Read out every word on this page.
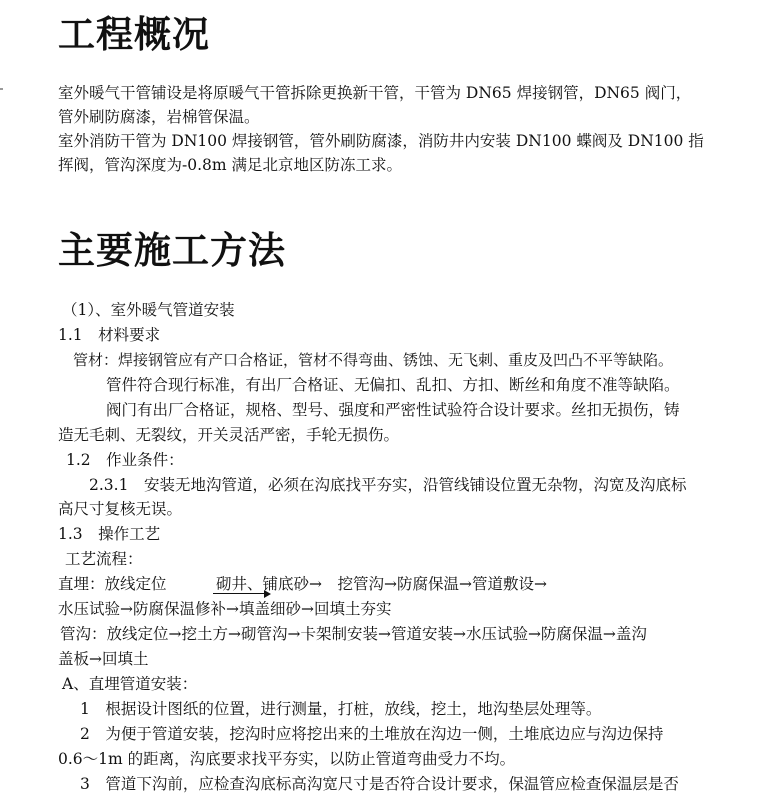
工程概况

室外暖气干管铺设是将原暖气干管拆除更换新干管，干管为 DN65 焊接钢管，DN65 阀门，

管外刷防腐漆，岩棉管保温。

室外消防干管为 DN100 焊接钢管，管外刷防腐漆，消防井内安装 DN100 蝶阀及 DN100 指

挥阀，管沟深度为-0.8m 满足北京地区防冻工求。

主要施工方法

（1）、室外暖气管道安装

1.1　材料要求

管材：焊接钢管应有产口合格证，管材不得弯曲、锈蚀、无飞刺、重皮及凹凸不平等缺陷。

管件符合现行标准，有出厂合格证、无偏扣、乱扣、方扣、断丝和角度不准等缺陷。

阀门有出厂合格证，规格、型号、强度和严密性试验符合设计要求。丝扣无损伤，铸

造无毛刺、无裂纹，开关灵活严密，手轮无损伤。

1.2　作业条件：

2.3.1　安装无地沟管道，必须在沟底找平夯实，沿管线铺设位置无杂物，沟宽及沟底标

高尺寸复核无误。

1.3　操作工艺

工艺流程：

直埋：放线定位	砌井、铺底砂→　挖管沟→防腐保温→管道敷设→

水压试验→防腐保温修补→填盖细砂→回填土夯实

管沟：放线定位→挖土方→砌管沟→卡架制安装→管道安装→水压试验→防腐保温→盖沟

盖板→回填土

A、直埋管道安装：

1　根据设计图纸的位置，进行测量，打桩，放线，挖土，地沟垫层处理等。

2　为便于管道安装，挖沟时应将挖出来的土堆放在沟边一侧，土堆底边应与沟边保持

0.6～1m 的距离，沟底要求找平夯实，以防止管道弯曲受力不均。

3　管道下沟前，应检查沟底标高沟宽尺寸是否符合设计要求，保温管应检查保温层是否
